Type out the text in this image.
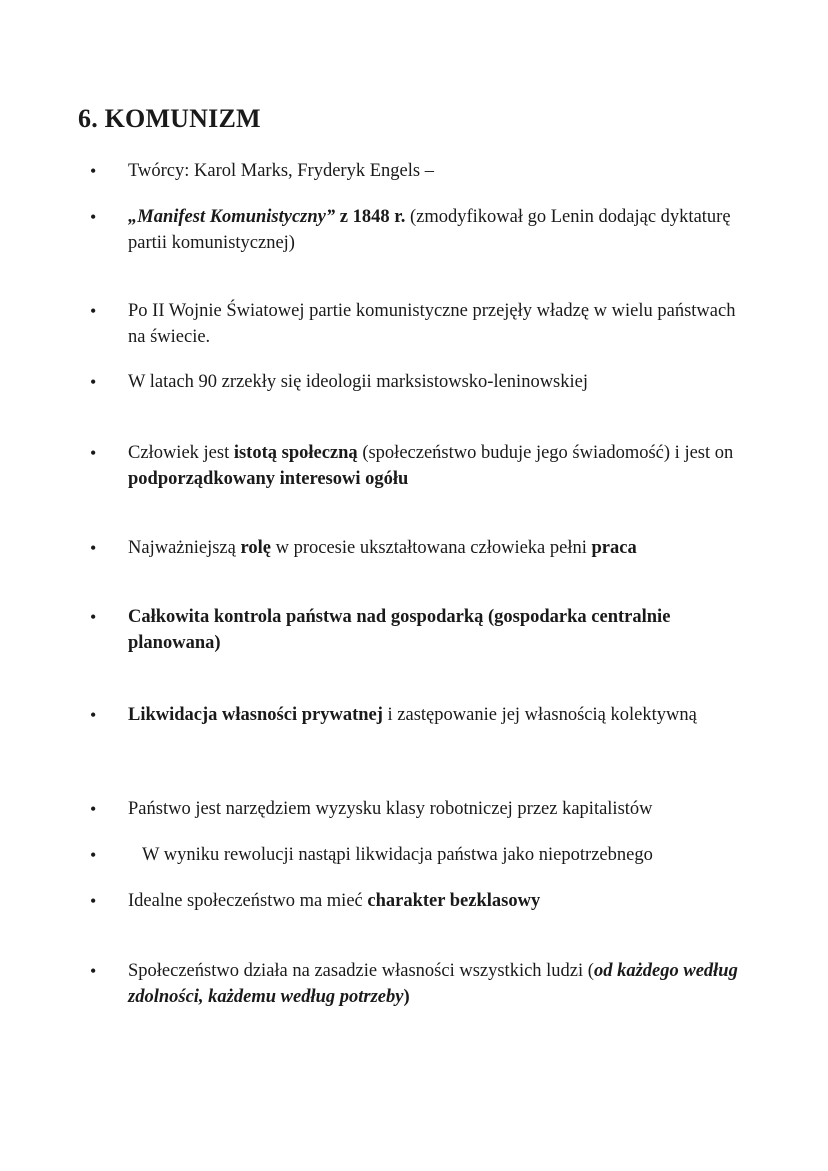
6. KOMUNIZM
•	Twórcy: Karol Marks, Fryderyk Engels –
•	„Manifest Komunistyczny” z 1848 r. (zmodyfikował go Lenin dodając dyktaturę partii komunistycznej)
•	Po II Wojnie Światowej partie komunistyczne przejęły władzę w wielu państwach na świecie.
•	W latach 90 zrzekły się ideologii marksistowsko-leninowskiej
•	Człowiek jest istotą społeczną (społeczeństwo buduje jego świadomość) i jest on podporządkowany interesowi ogółu
•	Najważniejszą rolę w procesie ukształtowana człowieka pełni praca
•	Całkowita kontrola państwa nad gospodarką (gospodarka centralnie planowana)
•	Likwidacja własności prywatnej i zastępowanie jej własnością kolektywną
•	Państwo jest narzędziem wyzysku klasy robotniczej przez kapitalistów
•	W wyniku rewolucji nastąpi likwidacja państwa jako niepotrzebnego
•	Idealne społeczeństwo ma mieć charakter bezklasowy
•	Społeczeństwo działa na zasadzie własności wszystkich ludzi (od każdego według zdolności, każdemu według potrzeby)
